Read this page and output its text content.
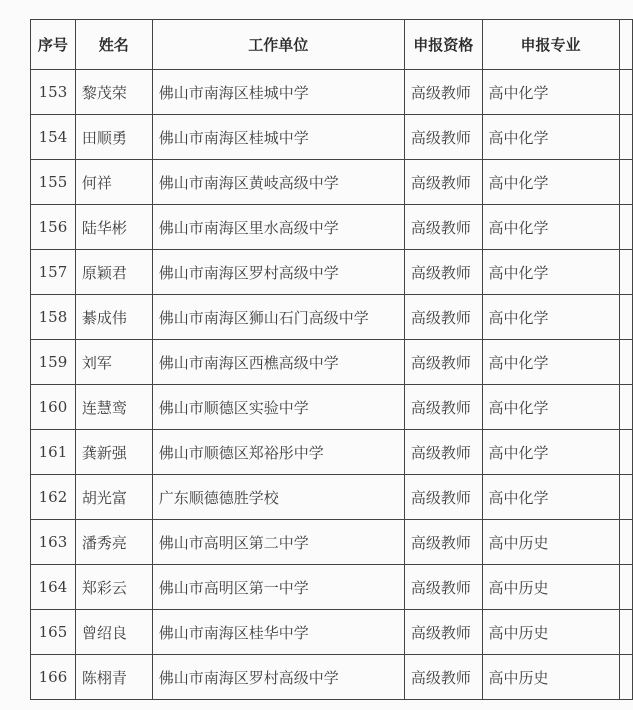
序号	姓名	工作单位	申报资格	申报专业	
153	黎茂荣	佛山市南海区桂城中学	高级教师	高中化学	
154	田顺勇	佛山市南海区桂城中学	高级教师	高中化学	
155	何祥	佛山市南海区黄岐高级中学	高级教师	高中化学	
156	陆华彬	佛山市南海区里水高级中学	高级教师	高中化学	
157	原颖君	佛山市南海区罗村高级中学	高级教师	高中化学	
158	綦成伟	佛山市南海区狮山石门高级中学	高级教师	高中化学	
159	刘军	佛山市南海区西樵高级中学	高级教师	高中化学	
160	连慧鸾	佛山市顺德区实验中学	高级教师	高中化学	
161	龚新强	佛山市顺德区郑裕彤中学	高级教师	高中化学	
162	胡光富	广东顺德德胜学校	高级教师	高中化学	
163	潘秀亮	佛山市高明区第二中学	高级教师	高中历史	
164	郑彩云	佛山市高明区第一中学	高级教师	高中历史	
165	曾绍良	佛山市南海区桂华中学	高级教师	高中历史	
166	陈栩青	佛山市南海区罗村高级中学	高级教师	高中历史	
